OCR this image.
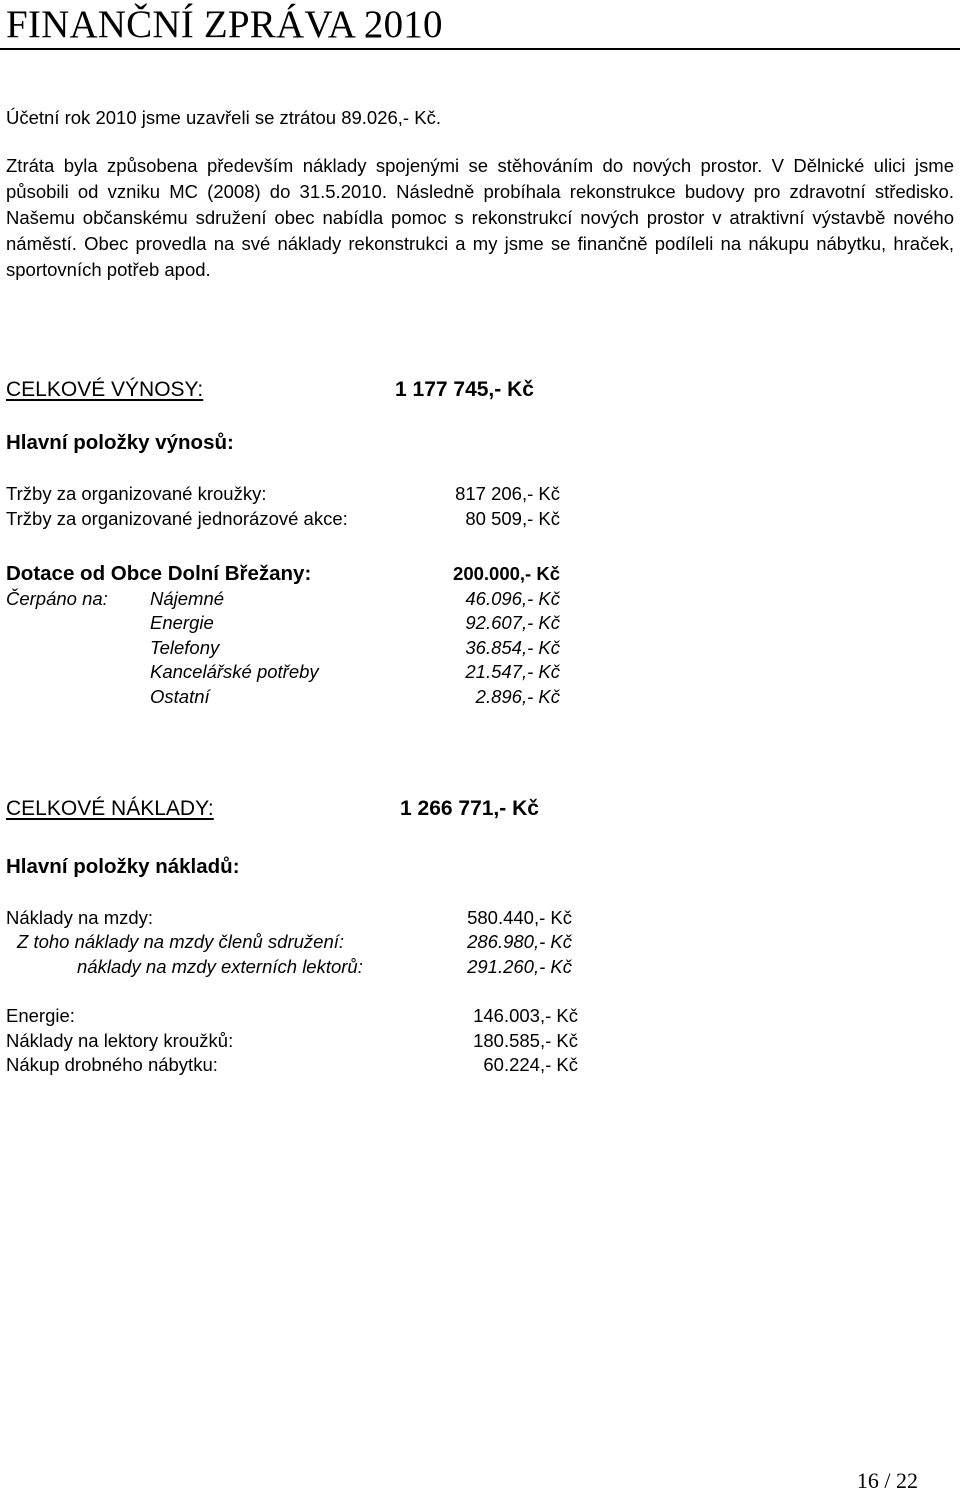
FINANČNÍ ZPRÁVA 2010

Účetní rok 2010 jsme uzavřeli se ztrátou 89.026,- Kč.

Ztráta byla způsobena především náklady spojenými se stěhováním do nových prostor. V Dělnické ulici jsme působili od vzniku MC (2008) do 31.5.2010. Následně probíhala rekonstrukce budovy pro zdravotní středisko. Našemu občanskému sdružení obec nabídla pomoc s rekonstrukcí nových prostor v atraktivní výstavbě nového náměstí. Obec provedla na své náklady rekonstrukci a my jsme se finančně podíleli na nákupu nábytku, hraček, sportovních potřeb apod.

CELKOVÉ VÝNOSY:	1 177 745,- Kč
Hlavní položky výnosů:
Tržby za organizované kroužky:	817 206,- Kč
Tržby za organizované jednorázové akce:	80 509,- Kč
Dotace od Obce Dolní Břežany:	200.000,- Kč
Čerpáno na: Nájemné	46.096,- Kč
Energie	92.607,- Kč
Telefony	36.854,- Kč
Kancelářské potřeby	21.547,- Kč
Ostatní	2.896,- Kč
CELKOVÉ NÁKLADY:	1 266 771,- Kč
Hlavní položky nákladů:
Náklady na mzdy:	580.440,- Kč
Z toho náklady na mzdy členů sdružení:	286.980,- Kč
náklady na mzdy externích lektorů:	291.260,- Kč
Energie:	146.003,- Kč
Náklady na lektory kroužků:	180.585,- Kč
Nákup drobného nábytku:	60.224,- Kč
16 / 22
